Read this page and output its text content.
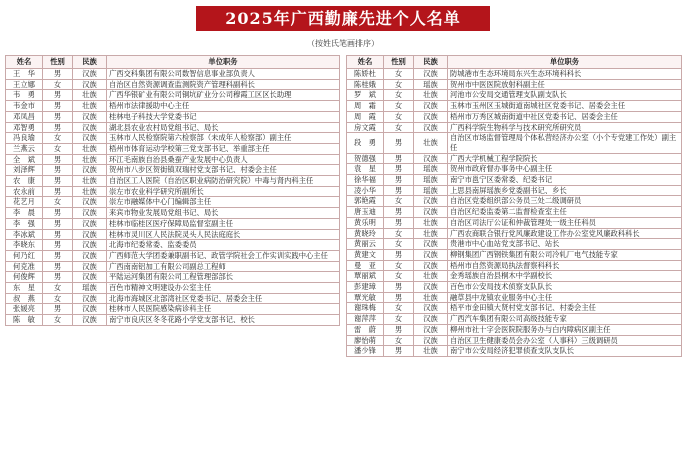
2025年广西勤廉先进个人名单
（按姓氏笔画排序）
姓名	性别	民族	单位职务
王　华	男	汉族	广西交科集团有限公司数智信息事业部负责人
王立娜	女	汉族	自治区自然资源调查监测院资产管理科副科长
韦　勇	男	壮族	广西华银矿业有限公司铜坑矿业分公司穆霞工区区长助理
韦金市	男	壮族	梧州市法律援助中心主任
邓凤昌	男	汉族	桂林电子科技大学党委书记
邓智勇	男	汉族	湖北县农业农村局党组书记、局长
冯良瑜	女	汉族	玉林市人民检察院第六检察部（未成年人检察部）副主任
兰燕云	女	壮族	梧州市体育运动学校第三党支部书记、举重部主任
全　斌	男	壮族	环江毛南族自治县桑蚕产业发展中心负责人
刘泽辉	男	汉族	贺州市八步区贺街镇双瑞村党支部书记、村委会主任
农　康	男	壮族	自治区工人医院（自治区职业病防治研究院）中毒与肾内科主任
农永前	男	壮族	崇左市农业科学研究所副所长
花艺月	女	汉族	崇左市融媒体中心门编辑部主任
李　晨	男	汉族	来宾市物业发展局党组书记、局长
李　强	男	汉族	桂林市临桂区医疗保障局监督室副主任
李冰斌	男	汉族	桂林市灵川区人民法院灵头人民法庭庭长
李晓东	男	汉族	北海市纪委常委、监委委员
何乃红	男	汉族	广西师范大学团委兼职副书记、政管学院社会工作实训实践中心主任
何克准	男	汉族	广西南南铝加工有限公司副总工程师
何俊辉	男	汉族	平陆运河集团有限公司工程管理部部长
东　星	女	瑶族	百色市精神文明建设办公室主任
叔　燕	女	汉族	北海市海城区北部湾社区党委书记、居委会主任
张媛亮	男	汉族	桂林市人民医院感染病诊科主任
陈　敏	女	汉族	南宁市良庆区冬冬花路小学党支部书记、校长
姓名	性别	民族	单位职务
陈娇杜	女	汉族	防城港市生态环境局东兴生态环境科科长
陈桂娥	女	瑶族	贺州市中医医院放射科副主任
罗　斌	女	壮族	河池市公安局交通管理支队副支队长
周　霜	女	汉族	玉林市玉州区玉城街道南城社区党委书记、居委会主任
周　霞	女	汉族	梧州市万秀区城南街道中社区党委书记、居委会主任
房文霞	女	汉族	广西科学院生物科学与技术研究所研究员
段　勇	男	壮族	自治区市场监督管理局个体私营经济办公室（小个专党建工作处）副主任
贺德强	男	汉族	广西大学机械工程学院院长
袁　星	男	瑶族	贺州市政府督办事务中心副主任
徐华福	男	瑶族	南宁市邕宁区委常委、纪委书记
凌小华	男	瑶族	上思县南屏瑶族乡党委副书记、乡长
郭艳霞	女	汉族	自治区党委组织部公务员三处二级调研员
唐玉迪	男	汉族	自治区纪委监委第二监督检查室主任
黄乐明	男	壮族	自治区司法厅公证和仲裁管理处一级主任科员
黄晓玲	女	壮族	广西农商联合银行党风廉政建设工作办公室党风廉政科科长
黄丽云	女	汉族	贵港市中心血站党支部书记、站长
黄建文	男	汉族	柳钢集团广西钢铁集团有限公司冷轧厂电气技能专家
曼　亚	女	汉族	梧州市自然资源局执法督察科科长
覃丽斌	女	壮族	金秀瑶族自治县桐木中学副校长
彭建璋	男	汉族	百色市公安局技术侦察支队队长
覃光敏	男	壮族	融草县中龙镇农业服务中心主任
谢珠梅	女	汉族	梧平市金田镇大贤村党支部书记、村委会主任
谢萍萍	女	汉族	广西汽车集团有限公司高级技能专家
雷　蔚	男	汉族	柳州市社十字会医院院服务办与白内障病区副主任
廖怡萌	女	汉族	自治区卫生健康委员会办公室（人事科）三级调研员
潘少锋	男	壮族	南宁市公安局经济犯罪侦查支队支队长
